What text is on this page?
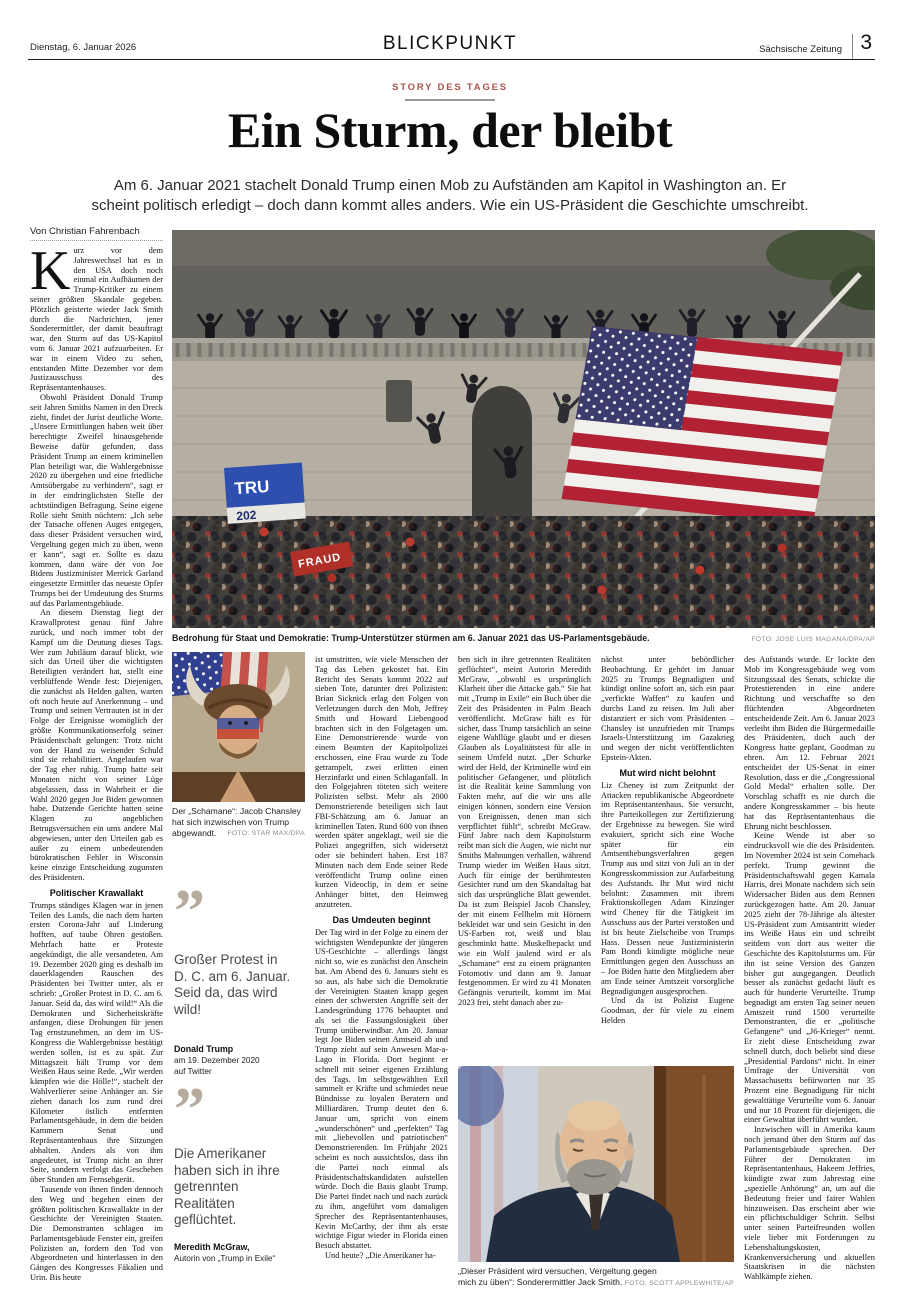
Dienstag, 6. Januar 2026	BLICKPUNKT	Sächsische Zeitung 3
STORY DES TAGES
Ein Sturm, der bleibt
Am 6. Januar 2021 stachelt Donald Trump einen Mob zu Aufständen am Kapitol in Washington an. Er scheint politisch erledigt – doch dann kommt alles anders. Wie ein US-Präsident die Geschichte umschreibt.
Von Christian Fahrenbach
TRU
202
FRAUD
Bedrohung für Staat und Demokratie: Trump-Unterstützer stürmen am 6. Januar 2021 das US-Parlamentsgebäude.	FOTO: JOSE LUIS MAGANA/DPA/AP

Kurz vor dem Jahreswechsel hat es in den USA doch noch einmal ein Aufbäumen der Trump-Kritiker zu einem seiner größten Skandale gegeben. Plötzlich geisterte wieder Jack Smith durch die Nachrichten, jener Sonderermittler, der damit beauftragt war, den Sturm auf das US-Kapitol vom 6. Januar 2021 aufzuarbeiten. Er war in einem Video zu sehen, entstanden Mitte Dezember vor dem Justizausschuss des Repräsentantenhauses.

Obwohl Präsident Donald Trump seit Jahren Smiths Namen in den Dreck zieht, findet der Jurist deutliche Worte. „Unsere Ermittlungen haben weit über berechtigte Zweifel hinausgehende Beweise dafür gefunden, dass Präsident Trump an einem kriminellen Plan beteiligt war, die Wahlergebnisse 2020 zu übergehen und eine friedliche Amtsübergabe zu verhindern“, sagt er in der eindringlichsten Stelle der achtstündigen Befragung. Seine eigene Rolle sieht Smith nüchtern: „Ich sehe der Tatsache offenen Auges entgegen, dass dieser Präsident versuchen wird, Vergeltung gegen mich zu üben, wenn er kann“, sagt er. Sollte es dazu kommen, dann wäre der von Joe Bidens Justizminister Merrick Garland eingesetzte Ermittler das neueste Opfer Trumps bei der Umdeutung des Sturms auf das Parlamentsgebäude.

An diesem Dienstag liegt der Krawallprotest genau fünf Jahre zurück, und noch immer tobt der Kampf um die Deutung dieses Tags. Wer zum Jubiläum darauf blickt, wie sich das Urteil über die wichtigsten Beteiligten verändert hat, stellt eine verblüffende Wende fest: Diejenigen, die zunächst als Helden galten, warten oft noch heute auf Anerkennung – und Trump und seinen Vertrauten ist in der Folge der Ereignisse womöglich der größte Kommunikationserfolg seiner Präsidentschaft gelungen: Trotz nicht von der Hand zu weisender Schuld sind sie rehabilitiert. Angelaufen war der Tag eher ruhig. Trump hatte seit Monaten nicht von seiner Lüge abgelassen, dass in Wahrheit er die Wahl 2020 gegen Joe Biden gewonnen habe. Dutzende Gerichte hatten seine Klagen zu angeblichen Betrugsversuchen ein ums andere Mal abgewiesen, unter den Urteilen gab es außer zu einem unbedeutenden bürokratischen Fehler in Wisconsin keine einzige Entscheidung zugunsten des Präsidenten.

Politischer Krawallakt

Trumps ständiges Klagen war in jenen Teilen des Lands, die nach dem harten ersten Corona-Jahr auf Linderung hofften, auf taube Ohren gestoßen. Mehrfach hatte er Proteste angekündigt, die alle versandeten. Am 19. Dezember 2020 ging es deshalb im dauerklagenden Rauschen des Präsidenten bei Twitter unter, als er schrieb: „Großer Protest in D. C. am 6. Januar. Seid da, das wird wild!“ Als die Demokraten und Sicherheitskräfte anfangen, diese Drohungen für jenen Tag ernstzunehmen, an dem im US-Kongress die Wahlergebnisse bestätigt werden sollen, ist es zu spät. Zur Mittagszeit hält Trump vor dem Weißen Haus seine Rede. „Wir werden kämpfen wie die Hölle!“, stachelt der Wahlverlierer seine Anhänger an. Sie ziehen danach los zum rund drei Kilometer östlich entfernten Parlamentsgebäude, in dem die beiden Kammern Senat und Repräsentantenhaus ihre Sitzungen abhalten. Anders als von ihm angedeutet, ist Trump nicht an ihrer Seite, sondern verfolgt das Geschehen über Stunden am Fernsehgerät.

Tausende von ihnen finden dennoch den Weg und begehen einen der größten politischen Krawallakte in der Geschichte der Vereinigten Staaten. Die Demonstranten schlagen im Parlamentsgebäude Fenster ein, greifen Polizisten an, fordern den Tod von Abgeordneten und hinterlassen in den Gängen des Kongresses Fäkalien und Urin. Bis heute

Der „Schamane“: Jacob Chansley hat sich inzwischen von Trump abgewandt. FOTO: STAR MAX/DPA
”
Großer Protest in D. C. am 6. Januar. Seid da, das wird wild!
Donald Trump
am 19. Dezember 2020
auf Twitter
”
Die Amerikaner haben sich in ihre getrennten Realitäten geflüchtet.
Meredith McGraw,
Autorin von „Trump in Exile“

ist umstritten, wie viele Menschen der Tag das Leben gekostet hat. Ein Bericht des Senats kommt 2022 auf sieben Tote, darunter drei Polizisten: Brian Sicknick erlag den Folgen von Verletzungen durch den Mob, Jeffrey Smith und Howard Liebengood brachten sich in den Folgetagen um. Eine Demonstrierende wurde von einem Beamten der Kapitolpolizei erschossen, eine Frau wurde zu Tode getrampelt, zwei erlitten einen Herzinfarkt und einen Schlaganfall. In den Folgejahren töteten sich weitere Polizisten selbst. Mehr als 2000 Demonstrierende beteiligen sich laut FBI-Schätzung am 6. Januar an kriminellen Taten. Rund 600 von ihnen werden später angeklagt, weil sie die Polizei angegriffen, sich widersetzt oder sie behindert haben. Erst 187 Minuten nach dem Ende seiner Rede veröffentlicht Trump online einen kurzen Videoclip, in dem er seine Anhänger bittet, den Heimweg anzutreten.

Das Umdeuten beginnt

Der Tag wird in der Folge zu einem der wichtigsten Wendepunkte der jüngeren US-Geschichte – allerdings längst nicht so, wie es zunächst den Anschein hat. Am Abend des 6. Januars sieht es so aus, als habe sich die Demokratie der Vereinigten Staaten knapp gegen einen der schwersten Angriffe seit der Landesgründung 1776 behauptet und als sei die Fassungslosigkeit über Trump unüberwindbar. Am 20. Januar legt Joe Biden seinen Amtseid ab und Trump zieht auf sein Anwesen Mar-a-Lago in Florida. Dort beginnt er schnell mit seiner eigenen Erzählung des Tags. Im selbstgewählten Exil sammelt er Kräfte und schmiedet neue Bündnisse zu loyalen Beratern und Milliardären. Trump deutet den 6. Januar um, spricht von einem „wunderschönen“ und „perfekten“ Tag mit „liebevollen und patriotischen“ Demonstrierenden. Im Frühjahr 2021 scheint es noch aussichtslos, dass ihn die Partei noch einmal als Präsidentschaftskandidaten aufstellen würde. Doch die Basis glaubt Trump. Die Partei findet nach und nach zurück zu ihm, angeführt vom damaligen Sprecher des Repräsentantenhauses, Kevin McCarthy, der ihm als erste wichtige Figur wieder in Florida einen Besuch abstattet.

Und heute? „Die Amerikaner ha-

ben sich in ihre getrennten Realitäten geflüchtet“, meint Autorin Meredith McGraw, „obwohl es ursprünglich Klarheit über die Attacke gab.“ Sie hat mit „Trump in Exile“ ein Buch über die Zeit des Präsidenten in Palm Beach veröffentlicht. McGraw hält es für sicher, dass Trump tatsächlich an seine eigene Wahllüge glaubt und er diesen Glauben als Loyalitätstest für alle in seinem Umfeld nutzt. „Der Schurke wird der Held, der Kriminelle wird ein politischer Gefangener, und plötzlich ist die Realität keine Sammlung von Fakten mehr, auf die wir uns alle einigen können, sondern eine Version von Ereignissen, denen man sich verpflichtet fühlt“, schreibt McGraw. Fünf Jahre nach dem Kapitolsturm reibt man sich die Augen, wie nicht nur Smiths Mahnungen verhallen, während Trump wieder im Weißen Haus sitzt. Auch für einige der berühmtesten Gesichter rund um den Skandaltag hat sich das ursprüngliche Blatt gewendet. Da ist zum Beispiel Jacob Chansley, der mit einem Fellhelm mit Hörnern bekleidet war und sein Gesicht in den US-Farben rot, weiß und blau geschminkt hatte. Muskelbepackt und wie ein Wolf jaulend wird er als „Schamane“ erst zu einem prägnanten Fotomotiv und dann am 9. Januar festgenommen. Er wird zu 41 Monaten Gefängnis verurteilt, kommt im Mai 2023 frei, steht danach aber zu-

nächst unter behördlicher Beobachtung. Er gehört im Januar 2025 zu Trumps Begnadigten und kündigt online sofort an, sich ein paar „verfickte Waffen“ zu kaufen und durchs Land zu reisen. Im Juli aber distanziert er sich vom Präsidenten – Chansley ist unzufrieden mit Trumps Israels-Unterstützung im Gazakrieg und wegen der nicht veröffentlichten Epstein-Akten.

Mut wird nicht belohnt

Liz Cheney ist zum Zeitpunkt der Attacken republikanische Abgeordnete im Repräsentantenhaus. Sie versucht, ihre Parteikollegen zur Zertifizierung der Ergebnisse zu bewegen. Sie wird evakuiert, spricht sich eine Woche später für ein Amtsenthebungsverfahren gegen Trump aus und sitzt von Juli an in der Kongresskommission zur Aufarbeitung des Aufstands. Ihr Mut wird nicht belohnt: Zusammen mit ihrem Fraktionskollegen Adam Kinzinger wird Cheney für die Tätigkeit im Ausschuss aus der Partei verstoßen und ist bis heute Zielscheibe von Trumps Hass. Dessen neue Justizministerin Pam Bondi kündigte mögliche neue Ermittlungen gegen den Ausschuss an – Joe Biden hatte den Mitgliedern aber am Ende seiner Amtszeit vorsorgliche Begnadigungen ausgesprochen.

Und da ist Polizist Eugene Goodman, der für viele zu einem Helden

„Dieser Präsident wird versuchen, Vergeltung gegen mich zu üben“: Sonderermittler Jack Smith. FOTO: SCOTT APPLEWHITE/AP

des Aufstands wurde. Er lockte den Mob im Kongressgebäude weg vom Sitzungssaal des Senats, schickte die Protestierenden in eine andere Richtung und verschaffte so den flüchtenden Abgeordneten entscheidende Zeit. Am 6. Januar 2023 verleiht ihm Biden die Bürgermedaille des Präsidenten, doch auch der Kongress hatte geplant, Goodman zu ehren. Am 12. Februar 2021 entscheidet der US-Senat in einer Resolution, dass er die „Congressional Gold Medal“ erhalten solle. Der Vorschlag schafft es nie durch die andere Kongresskammer – bis heute hat das Repräsentantenhaus die Ehrung nicht beschlossen.

Keine Wende ist aber so eindrucksvoll wie die des Präsidenten. Im November 2024 ist sein Comeback perfekt. Trump gewinnt die Präsidentschaftswahl gegen Kamala Harris, drei Monate nachdem sich sein Widersacher Biden aus dem Rennen zurückgezogen hatte. Am 20. Januar 2025 zieht der 78-Jährige als ältester US-Präsident zum Amtsantritt wieder ins Weiße Haus ein und schreibt seitdem von dort aus weiter die Geschichte des Kapitolsturms um. Für ihn ist seine Version des Ganzen bisher gut ausgegangen. Deutlich besser als zunächst gedacht läuft es auch für hunderte Verurteilte. Trump begnadigt am ersten Tag seiner neuen Amtszeit rund 1500 verurteilte Demonstranten, die er „politische Gefangene“ und „J6-Krieger“ nennt. Er zieht diese Entscheidung zwar schnell durch, doch beliebt sind diese „Presidential Pardons“ nicht. In einer Umfrage der Universität von Massachusetts befürworten nur 35 Prozent eine Begnadigung für nicht gewalttätige Verurteilte vom 6. Januar und nur 18 Prozent für diejenigen, die einer Gewalttat überführt wurden.

Inzwischen will in Amerika kaum noch jemand über den Sturm auf das Parlamentsgebäude sprechen. Der Führer der Demokraten im Repräsentantenhaus, Hakeem Jeffries, kündigte zwar zum Jahrestag eine „spezielle Anhörung“ an, um auf die Bedeutung freier und fairer Wahlen hinzuweisen. Das erscheint aber wie ein pflichtschuldiger Schritt. Selbst unter seinen Parteifreunden wollen viele lieber mit Forderungen zu Lebenshaltungskosten, Krankenversicherung und aktuellen Staatskrisen in die nächsten Wahlkämpfe ziehen.
